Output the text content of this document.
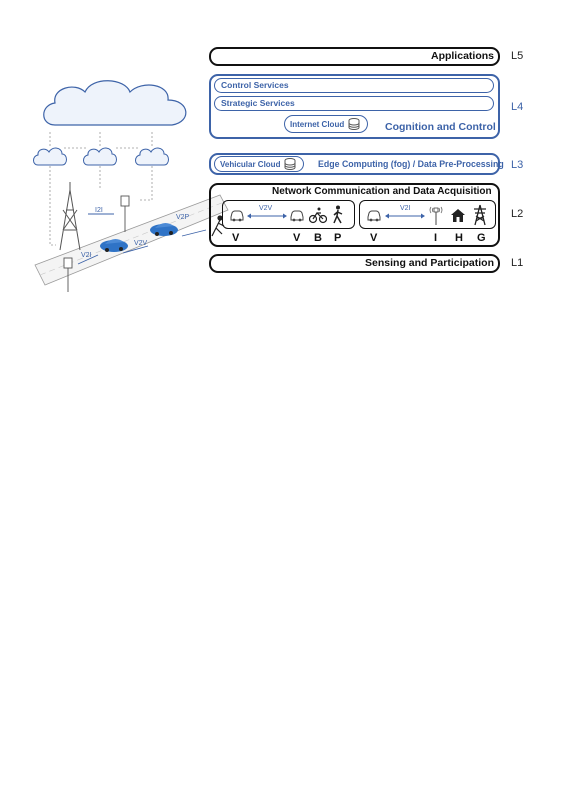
I2I
V2V
V2I
V2P
Applications L5
Control Services
Strategic Services
Internet Cloud	Cognition and Control
L4
Vehicular Cloud	Edge Computing (fog) / Data Pre-Processing L3
Network Communication and Data Acquisition
L2
V2V
V	V B P
V2I
V	I H G
Sensing and Participation L1
